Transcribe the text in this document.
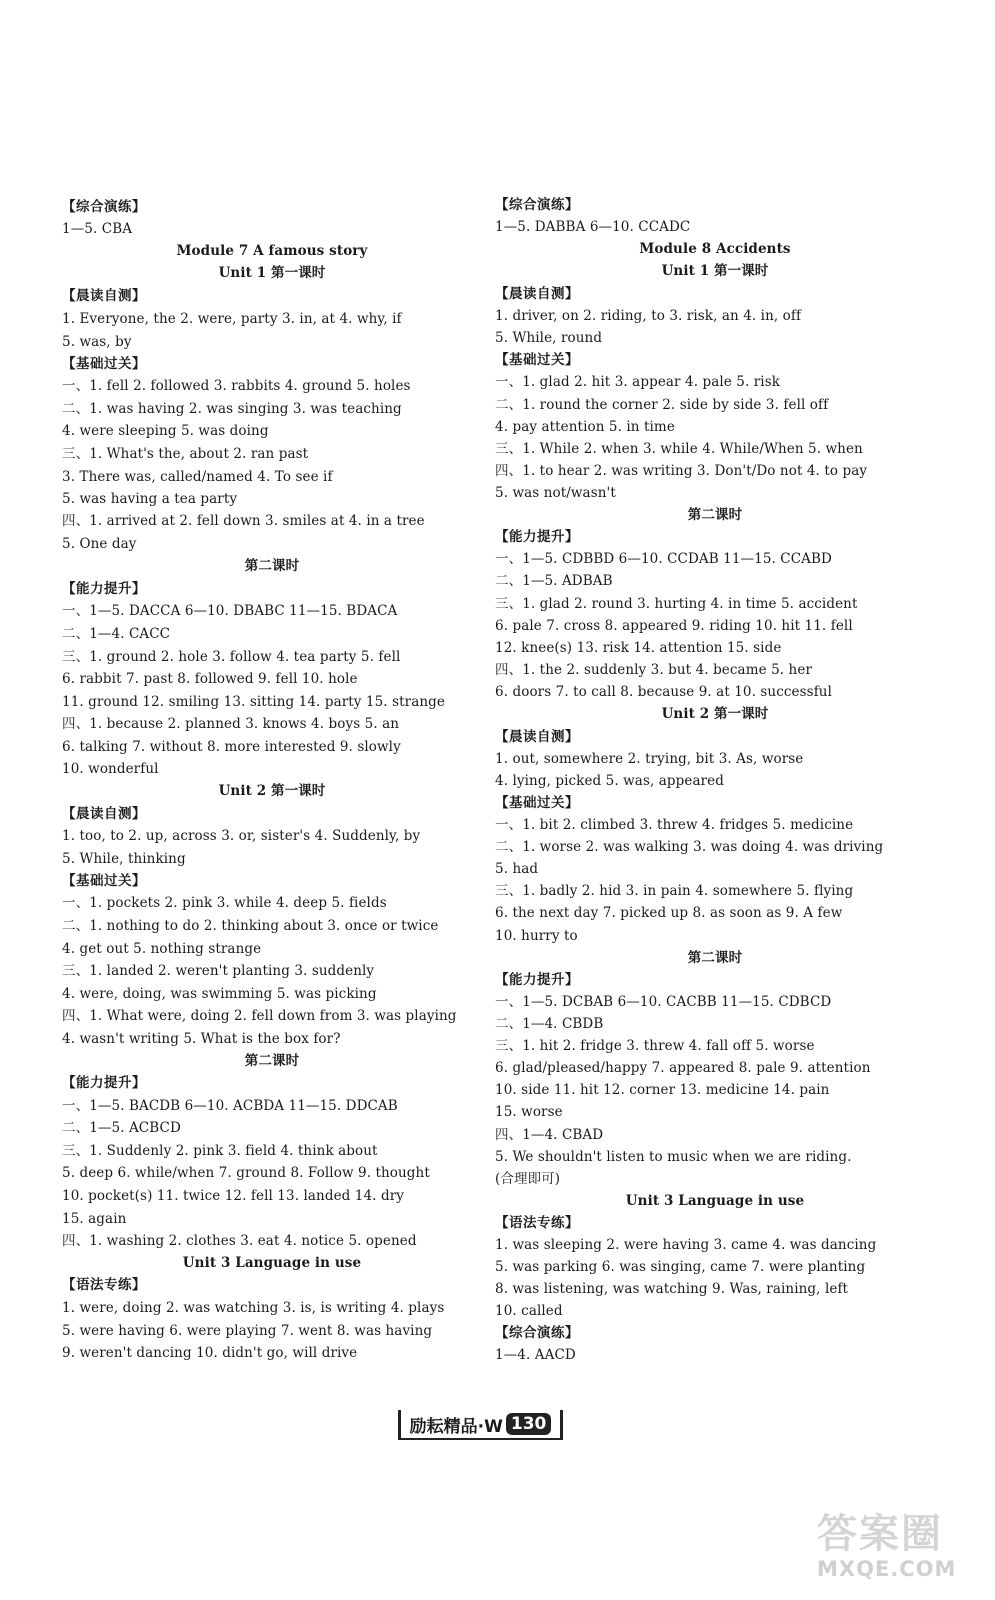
【综合演练】
1—5. CBA
Module 7 A famous story
Unit 1 第一课时
【晨读自测】
1. Everyone, the 2. were, party 3. in, at 4. why, if
5. was, by
【基础过关】
一、1. fell 2. followed 3. rabbits 4. ground 5. holes
二、1. was having 2. was singing 3. was teaching
4. were sleeping 5. was doing
三、1. What's the, about 2. ran past
3. There was, called/named 4. To see if
5. was having a tea party
四、1. arrived at 2. fell down 3. smiles at 4. in a tree
5. One day
第二课时
【能力提升】
一、1—5. DACCA 6—10. DBABC 11—15. BDACA
二、1—4. CACC
三、1. ground 2. hole 3. follow 4. tea party 5. fell
6. rabbit 7. past 8. followed 9. fell 10. hole
11. ground 12. smiling 13. sitting 14. party 15. strange
四、1. because 2. planned 3. knows 4. boys 5. an
6. talking 7. without 8. more interested 9. slowly
10. wonderful
Unit 2 第一课时
【晨读自测】
1. too, to 2. up, across 3. or, sister's 4. Suddenly, by
5. While, thinking
【基础过关】
一、1. pockets 2. pink 3. while 4. deep 5. fields
二、1. nothing to do 2. thinking about 3. once or twice
4. get out 5. nothing strange
三、1. landed 2. weren't planting 3. suddenly
4. were, doing, was swimming 5. was picking
四、1. What were, doing 2. fell down from 3. was playing
4. wasn't writing 5. What is the box for?
第二课时
【能力提升】
一、1—5. BACDB 6—10. ACBDA 11—15. DDCAB
二、1—5. ACBCD
三、1. Suddenly 2. pink 3. field 4. think about
5. deep 6. while/when 7. ground 8. Follow 9. thought
10. pocket(s) 11. twice 12. fell 13. landed 14. dry
15. again
四、1. washing 2. clothes 3. eat 4. notice 5. opened
Unit 3 Language in use
【语法专练】
1. were, doing 2. was watching 3. is, is writing 4. plays
5. were having 6. were playing 7. went 8. was having
9. weren't dancing 10. didn't go, will drive
【综合演练】
1—5. DABBA 6—10. CCADC
Module 8 Accidents
Unit 1 第一课时
【晨读自测】
1. driver, on 2. riding, to 3. risk, an 4. in, off
5. While, round
【基础过关】
一、1. glad 2. hit 3. appear 4. pale 5. risk
二、1. round the corner 2. side by side 3. fell off
4. pay attention 5. in time
三、1. While 2. when 3. while 4. While/When 5. when
四、1. to hear 2. was writing 3. Don't/Do not 4. to pay
5. was not/wasn't
第二课时
【能力提升】
一、1—5. CDBBD 6—10. CCDAB 11—15. CCABD
二、1—5. ADBAB
三、1. glad 2. round 3. hurting 4. in time 5. accident
6. pale 7. cross 8. appeared 9. riding 10. hit 11. fell
12. knee(s) 13. risk 14. attention 15. side
四、1. the 2. suddenly 3. but 4. became 5. her
6. doors 7. to call 8. because 9. at 10. successful
Unit 2 第一课时
【晨读自测】
1. out, somewhere 2. trying, bit 3. As, worse
4. lying, picked 5. was, appeared
【基础过关】
一、1. bit 2. climbed 3. threw 4. fridges 5. medicine
二、1. worse 2. was walking 3. was doing 4. was driving
5. had
三、1. badly 2. hid 3. in pain 4. somewhere 5. flying
6. the next day 7. picked up 8. as soon as 9. A few
10. hurry to
第二课时
【能力提升】
一、1—5. DCBAB 6—10. CACBB 11—15. CDBCD
二、1—4. CBDB
三、1. hit 2. fridge 3. threw 4. fall off 5. worse
6. glad/pleased/happy 7. appeared 8. pale 9. attention
10. side 11. hit 12. corner 13. medicine 14. pain
15. worse
四、1—4. CBAD
5. We shouldn't listen to music when we are riding.
(合理即可)
Unit 3 Language in use
【语法专练】
1. was sleeping 2. were having 3. came 4. was dancing
5. was parking 6. was singing, came 7. were planting
8. was listening, was watching 9. Was, raining, left
10. called
【综合演练】
1—4. AACD
励耘精品·W 130
答案圈
MXQE.COM
